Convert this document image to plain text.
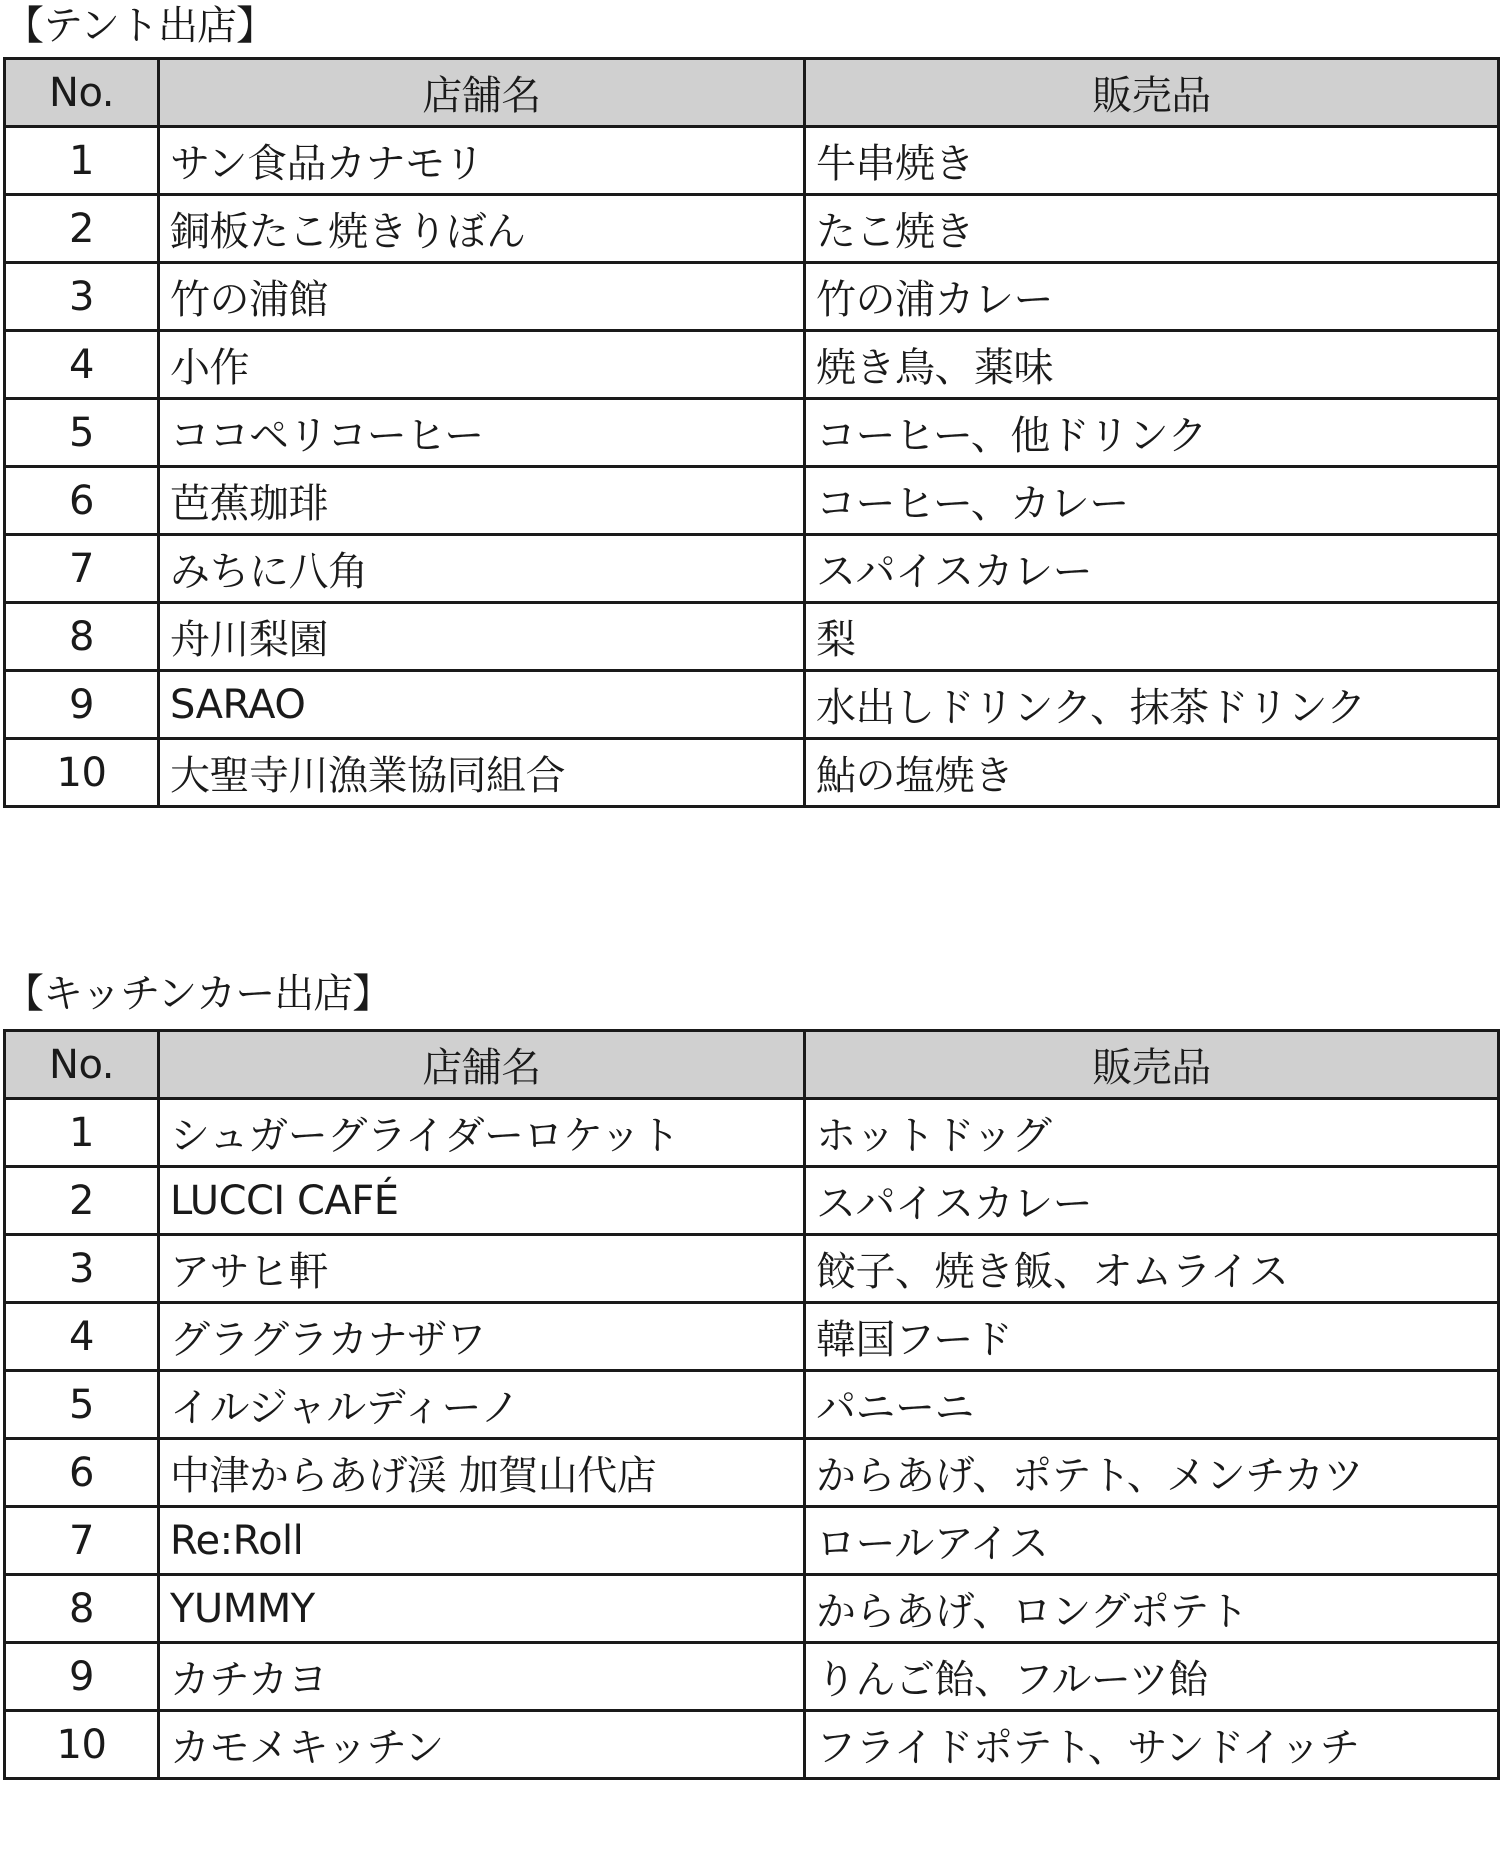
【テント出店】
No.	店舗名	販売品
1	サン食品カナモリ	牛串焼き
2	銅板たこ焼きりぼん	たこ焼き
3	竹の浦館	竹の浦カレー
4	小作	焼き鳥、薬味
5	ココペリコーヒー	コーヒー、他ドリンク
6	芭蕉珈琲	コーヒー、カレー
7	みちに八角	スパイスカレー
8	舟川梨園	梨
9	SARAO	水出しドリンク、抹茶ドリンク
10	大聖寺川漁業協同組合	鮎の塩焼き
【キッチンカー出店】
No.	店舗名	販売品
1	シュガーグライダーロケット	ホットドッグ
2	LUCCI CAFÉ	スパイスカレー
3	アサヒ軒	餃子、焼き飯、オムライス
4	グラグラカナザワ	韓国フード
5	イルジャルディーノ	パニーニ
6	中津からあげ渓 加賀山代店	からあげ、ポテト、メンチカツ
7	Re:Roll	ロールアイス
8	YUMMY	からあげ、ロングポテト
9	カチカヨ	りんご飴、フルーツ飴
10	カモメキッチン	フライドポテト、サンドイッチ
